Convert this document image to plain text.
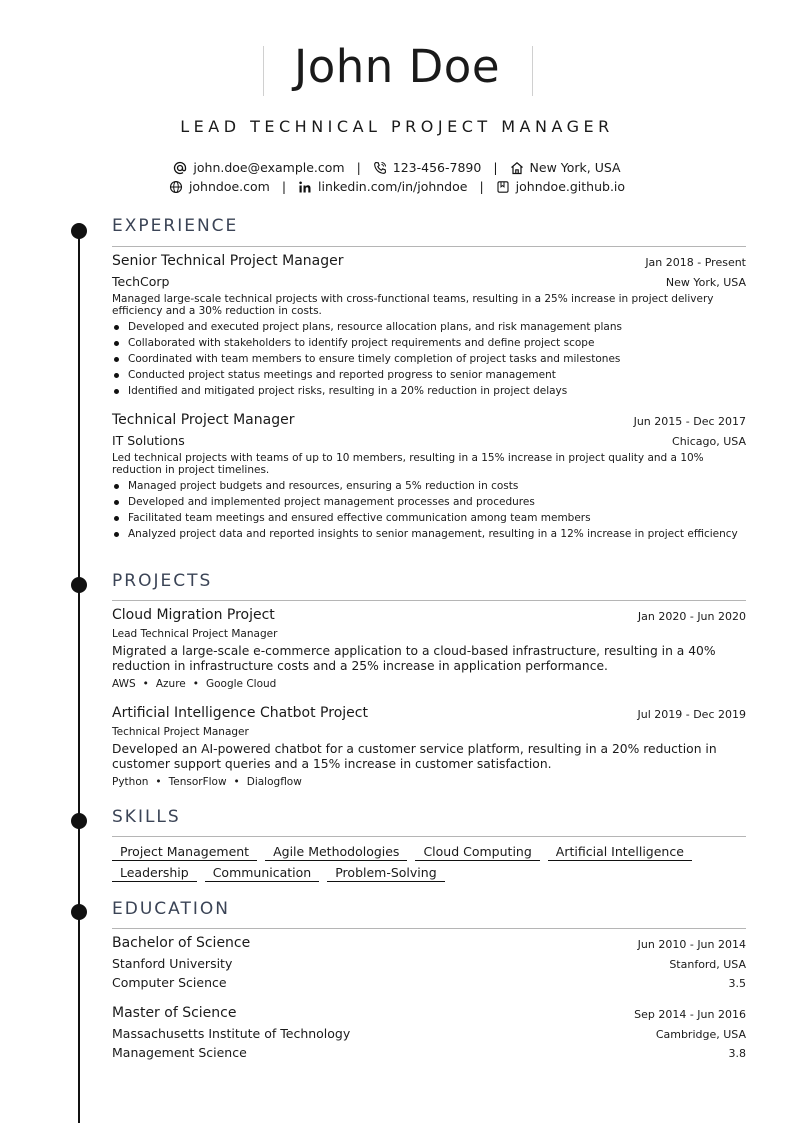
John Doe
LEAD TECHNICAL PROJECT MANAGER
john.doe@example.com |	123-456-7890 |	New York, USA
johndoe.com |	linkedin.com/in/johndoe |	johndoe.github.io
EXPERIENCE
Senior Technical Project Manager	Jan 2018 - Present
TechCorp	New York, USA
Managed large-scale technical projects with cross-functional teams, resulting in a 25% increase in project delivery efficiency and a 30% reduction in costs.
Developed and executed project plans, resource allocation plans, and risk management plans
Collaborated with stakeholders to identify project requirements and define project scope
Coordinated with team members to ensure timely completion of project tasks and milestones
Conducted project status meetings and reported progress to senior management
Identified and mitigated project risks, resulting in a 20% reduction in project delays
Technical Project Manager	Jun 2015 - Dec 2017
IT Solutions	Chicago, USA
Led technical projects with teams of up to 10 members, resulting in a 15% increase in project quality and a 10% reduction in project timelines.
Managed project budgets and resources, ensuring a 5% reduction in costs
Developed and implemented project management processes and procedures
Facilitated team meetings and ensured effective communication among team members
Analyzed project data and reported insights to senior management, resulting in a 12% increase in project efficiency
PROJECTS
Cloud Migration Project	Jan 2020 - Jun 2020
Lead Technical Project Manager
Migrated a large-scale e-commerce application to a cloud-based infrastructure, resulting in a 40% reduction in infrastructure costs and a 25% increase in application performance.
AWS • Azure • Google Cloud
Artificial Intelligence Chatbot Project	Jul 2019 - Dec 2019
Technical Project Manager
Developed an AI-powered chatbot for a customer service platform, resulting in a 20% reduction in customer support queries and a 15% increase in customer satisfaction.
Python • TensorFlow • Dialogflow
SKILLS
Project Management	Agile Methodologies	Cloud Computing	Artificial Intelligence
Leadership	Communication	Problem-Solving
EDUCATION
Bachelor of Science	Jun 2010 - Jun 2014
Stanford University	Stanford, USA
Computer Science	3.5
Master of Science	Sep 2014 - Jun 2016
Massachusetts Institute of Technology	Cambridge, USA
Management Science	3.8
